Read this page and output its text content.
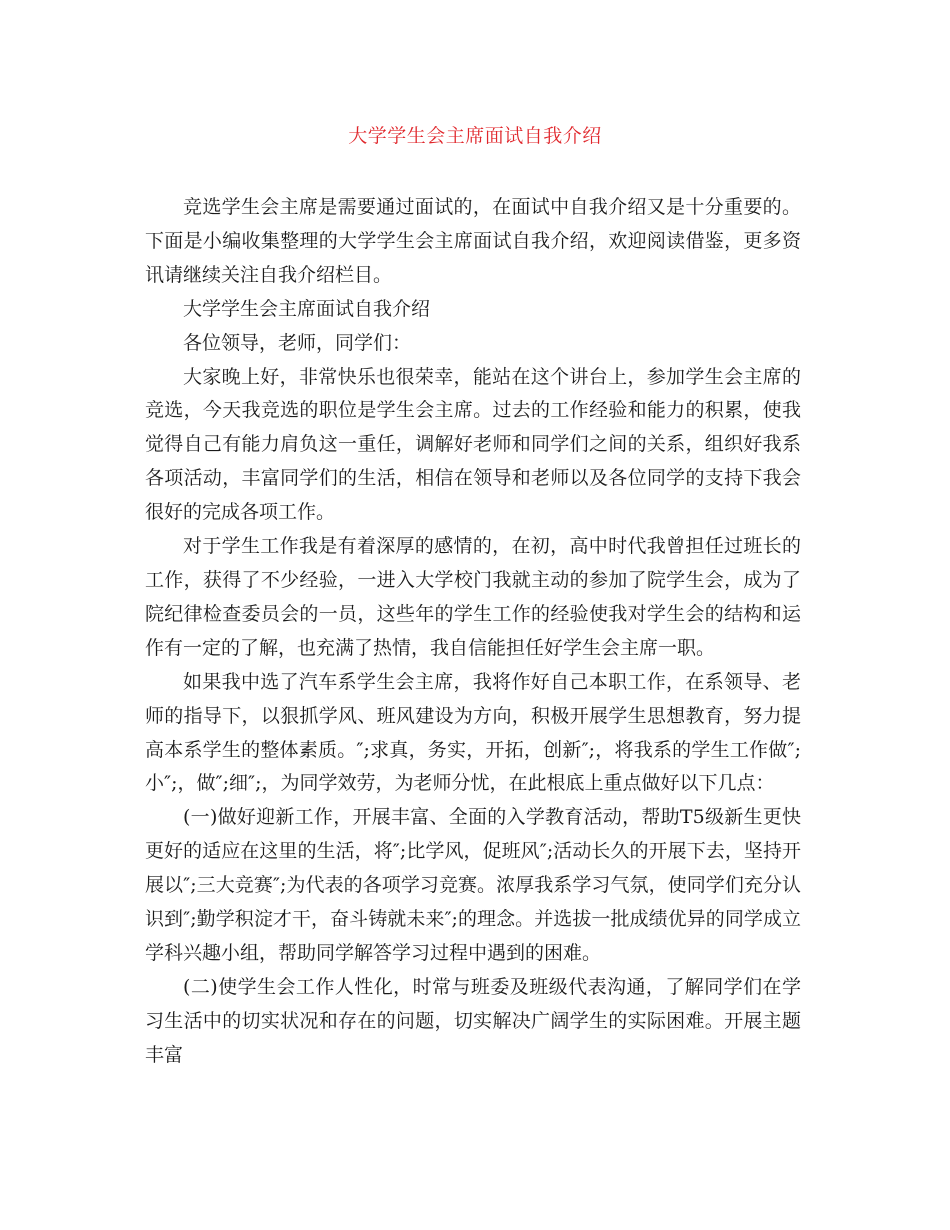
大学学生会主席面试自我介绍

竞选学生会主席是需要通过面试的，在面试中自我介绍又是十分重要的。下面是小编收集整理的大学学生会主席面试自我介绍，欢迎阅读借鉴，更多资讯请继续关注自我介绍栏目。

大学学生会主席面试自我介绍

各位领导，老师，同学们：

大家晚上好，非常快乐也很荣幸，能站在这个讲台上，参加学生会主席的竞选，今天我竞选的职位是学生会主席。过去的工作经验和能力的积累，使我觉得自己有能力肩负这一重任，调解好老师和同学们之间的关系，组织好我系各项活动，丰富同学们的生活，相信在领导和老师以及各位同学的支持下我会很好的完成各项工作。

对于学生工作我是有着深厚的感情的，在初，高中时代我曾担任过班长的工作，获得了不少经验，一进入大学校门我就主动的参加了院学生会，成为了院纪律检查委员会的一员，这些年的学生工作的经验使我对学生会的结构和运作有一定的了解，也充满了热情，我自信能担任好学生会主席一职。

如果我中选了汽车系学生会主席，我将作好自己本职工作，在系领导、老师的指导下，以狠抓学风、班风建设为方向，积极开展学生思想教育，努力提高本系学生的整体素质。″;求真，务实，开拓，创新″;，将我系的学生工作做″;小″;，做″;细″;，为同学效劳，为老师分忧，在此根底上重点做好以下几点：

(一)做好迎新工作，开展丰富、全面的入学教育活动，帮助T5级新生更快更好的适应在这里的生活，将″;比学风，促班风″;活动长久的开展下去，坚持开展以″;三大竞赛″;为代表的各项学习竞赛。浓厚我系学习气氛，使同学们充分认识到″;勤学积淀才干，奋斗铸就未来″;的理念。并选拔一批成绩优异的同学成立学科兴趣小组，帮助同学解答学习过程中遇到的困难。

(二)使学生会工作人性化，时常与班委及班级代表沟通，了解同学们在学习生活中的切实状况和存在的问题，切实解决广阔学生的实际困难。开展主题丰富
